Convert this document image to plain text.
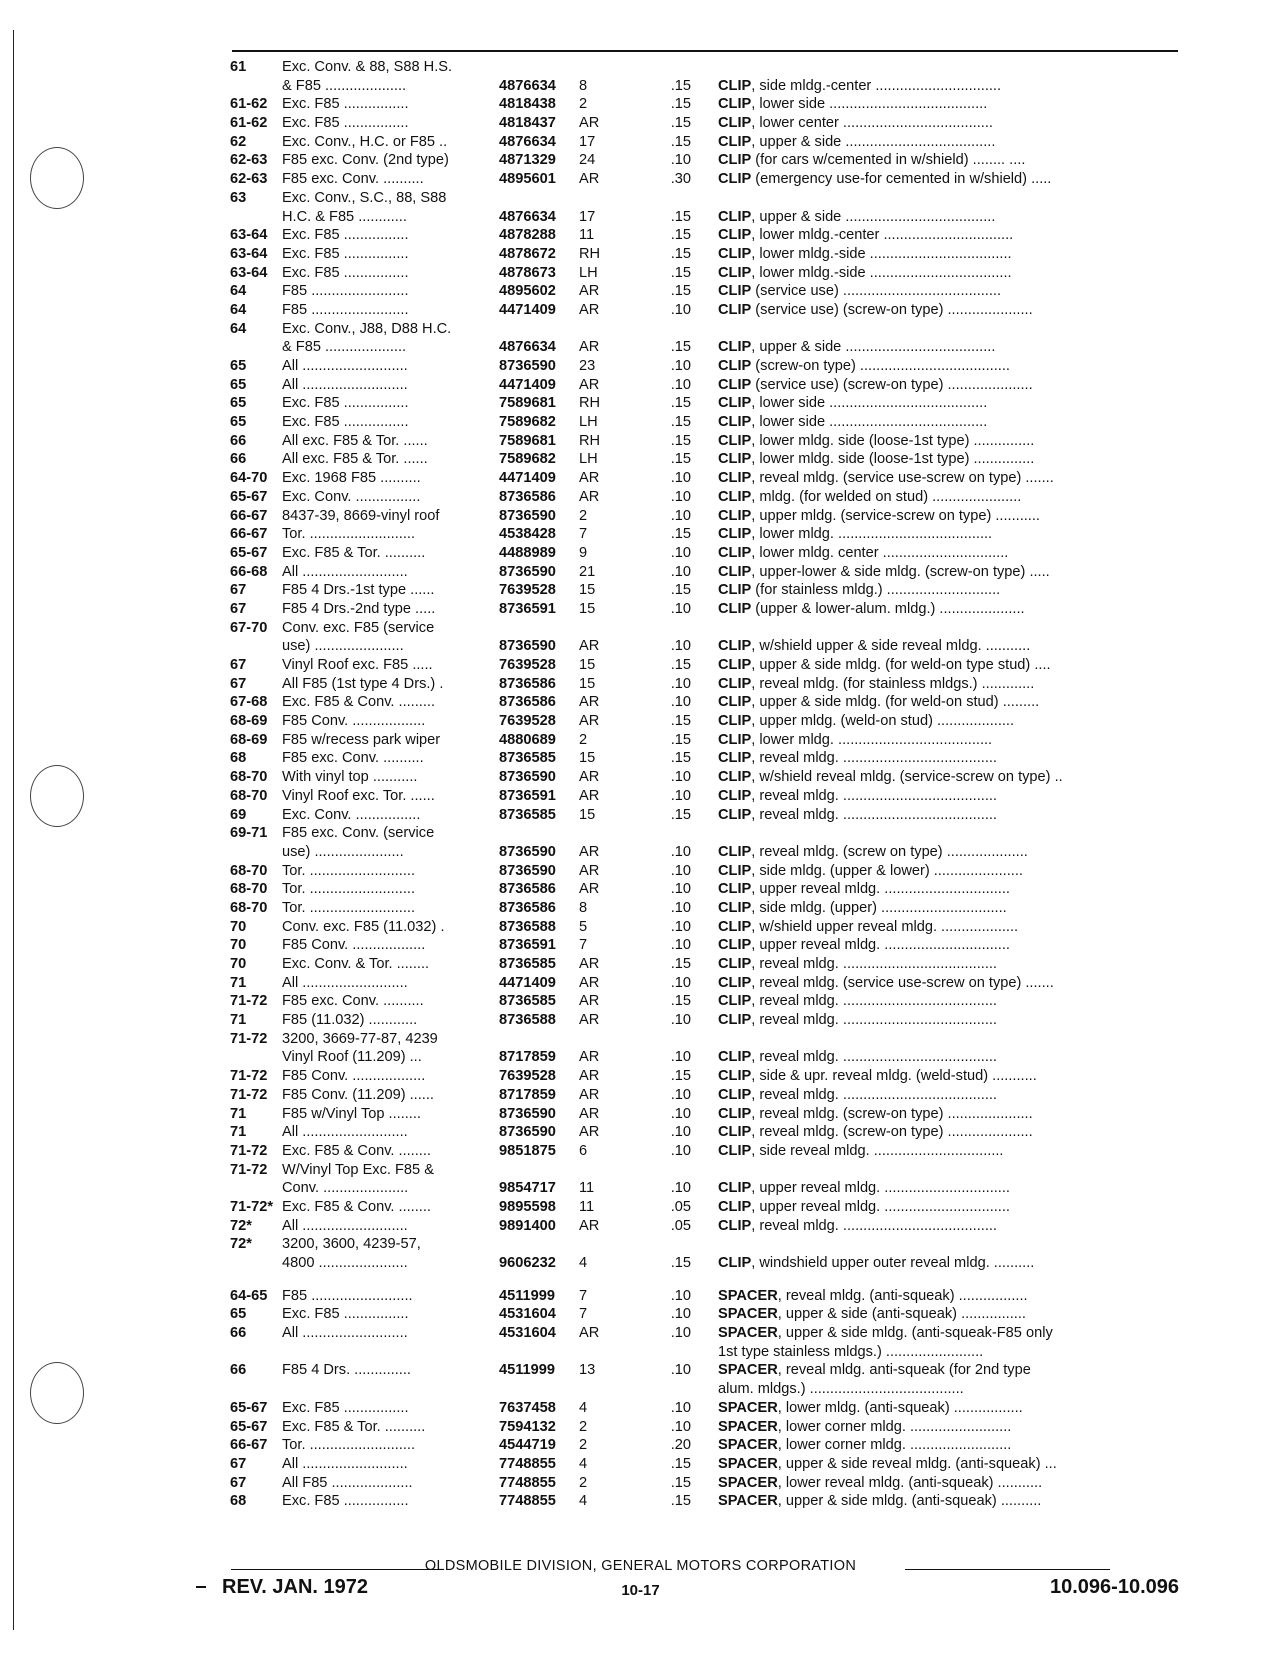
61	Exc. Conv. & 88, S88 H.S.
& F85 ....................	4876634	8	.15 CLIP, side mldg.-center ...............................
61-62	Exc. F85 ................	4818438	2	.15 CLIP, lower side .......................................
61-62	Exc. F85 ................	4818437	AR	.15 CLIP, lower center .....................................
62	Exc. Conv., H.C. or F85 ..	4876634	17	.15 CLIP, upper & side .....................................
62-63	F85 exc. Conv. (2nd type)	4871329	24	.10 CLIP (for cars w/cemented in w/shield) ........ ....
62-63	F85 exc. Conv. ..........	4895601	AR	.30 CLIP (emergency use-for cemented in w/shield) .....
63	Exc. Conv., S.C., 88, S88
H.C. & F85 ............	4876634	17	.15 CLIP, upper & side .....................................
63-64	Exc. F85 ................	4878288	11	.15 CLIP, lower mldg.-center ................................
63-64	Exc. F85 ................	4878672	RH	.15 CLIP, lower mldg.-side ...................................
63-64	Exc. F85 ................	4878673	LH	.15 CLIP, lower mldg.-side ...................................
64	F85 ........................	4895602	AR	.15 CLIP (service use) .......................................
64	F85 ........................	4471409	AR	.10 CLIP (service use) (screw-on type) .....................
64	Exc. Conv., J88, D88 H.C.
& F85 ....................	4876634	AR	.15 CLIP, upper & side .....................................
65	All ..........................	8736590	23	.10 CLIP (screw-on type) .....................................
65	All ..........................	4471409	AR	.10 CLIP (service use) (screw-on type) .....................
65	Exc. F85 ................	7589681	RH	.15 CLIP, lower side .......................................
65	Exc. F85 ................	7589682	LH	.15 CLIP, lower side .......................................
66	All exc. F85 & Tor. ......	7589681	RH	.15 CLIP, lower mldg. side (loose-1st type) ...............
66	All exc. F85 & Tor. ......	7589682	LH	.15 CLIP, lower mldg. side (loose-1st type) ...............
64-70	Exc. 1968 F85 ..........	4471409	AR	.10 CLIP, reveal mldg. (service use-screw on type) .......
65-67	Exc. Conv. ................	8736586	AR	.10 CLIP, mldg. (for welded on stud) ......................
66-67	8437-39, 8669-vinyl roof	8736590	2	.10 CLIP, upper mldg. (service-screw on type) ...........
66-67	Tor. ..........................	4538428	7	.15 CLIP, lower mldg. ......................................
65-67	Exc. F85 & Tor. ..........	4488989	9	.10 CLIP, lower mldg. center ...............................
66-68	All ..........................	8736590	21	.10 CLIP, upper-lower & side mldg. (screw-on type) .....
67	F85 4 Drs.-1st type ......	7639528	15	.15 CLIP (for stainless mldg.) ............................
67	F85 4 Drs.-2nd type .....	8736591	15	.10 CLIP (upper & lower-alum. mldg.) .....................
67-70	Conv. exc. F85 (service
use) ......................	8736590	AR	.10 CLIP, w/shield upper & side reveal mldg. ...........
67	Vinyl Roof exc. F85 .....	7639528	15	.15 CLIP, upper & side mldg. (for weld-on type stud) ....
67	All F85 (1st type 4 Drs.) .	8736586	15	.10 CLIP, reveal mldg. (for stainless mldgs.) .............
67-68	Exc. F85 & Conv. .........	8736586	AR	.10 CLIP, upper & side mldg. (for weld-on stud) .........
68-69	F85 Conv. ..................	7639528	AR	.15 CLIP, upper mldg. (weld-on stud) ...................
68-69	F85 w/recess park wiper	4880689	2	.15 CLIP, lower mldg. ......................................
68	F85 exc. Conv. ..........	8736585	15	.15 CLIP, reveal mldg. ......................................
68-70	With vinyl top ...........	8736590	AR	.10 CLIP, w/shield reveal mldg. (service-screw on type) ..
68-70	Vinyl Roof exc. Tor. ......	8736591	AR	.10 CLIP, reveal mldg. ......................................
69	Exc. Conv. ................	8736585	15	.15 CLIP, reveal mldg. ......................................
69-71	F85 exc. Conv. (service
use) ......................	8736590	AR	.10 CLIP, reveal mldg. (screw on type) ....................
68-70	Tor. ..........................	8736590	AR	.10 CLIP, side mldg. (upper & lower) ......................
68-70	Tor. ..........................	8736586	AR	.10 CLIP, upper reveal mldg. ...............................
68-70	Tor. ..........................	8736586	8	.10 CLIP, side mldg. (upper) ...............................
70	Conv. exc. F85 (11.032) .	8736588	5	.10 CLIP, w/shield upper reveal mldg. ...................
70	F85 Conv. ..................	8736591	7	.10 CLIP, upper reveal mldg. ...............................
70	Exc. Conv. & Tor. ........	8736585	AR	.15 CLIP, reveal mldg. ......................................
71	All ..........................	4471409	AR	.10 CLIP, reveal mldg. (service use-screw on type) .......
71-72	F85 exc. Conv. ..........	8736585	AR	.15 CLIP, reveal mldg. ......................................
71	F85 (11.032) ............	8736588	AR	.10 CLIP, reveal mldg. ......................................
71-72	3200, 3669-77-87, 4239
Vinyl Roof (11.209) ...	8717859	AR	.10 CLIP, reveal mldg. ......................................
71-72	F85 Conv. ..................	7639528	AR	.15 CLIP, side & upr. reveal mldg. (weld-stud) ...........
71-72	F85 Conv. (11.209) ......	8717859	AR	.10 CLIP, reveal mldg. ......................................
71	F85 w/Vinyl Top ........	8736590	AR	.10 CLIP, reveal mldg. (screw-on type) .....................
71	All ..........................	8736590	AR	.10 CLIP, reveal mldg. (screw-on type) .....................
71-72	Exc. F85 & Conv. ........	9851875	6	.10 CLIP, side reveal mldg. ................................
71-72	W/Vinyl Top Exc. F85 &
Conv. .....................	9854717	11	.10 CLIP, upper reveal mldg. ...............................
71-72* Exc. F85 & Conv. ........	9895598	11	.05 CLIP, upper reveal mldg. ...............................
72*	All ..........................	9891400	AR	.05 CLIP, reveal mldg. ......................................
72*	3200, 3600, 4239-57,
4800 ......................	9606232	4	.15 CLIP, windshield upper outer reveal mldg. ..........
64-65	F85 .........................	4511999	7	.10 SPACER, reveal mldg. (anti-squeak) .................
65	Exc. F85 ................	4531604	7	.10 SPACER, upper & side (anti-squeak) ................
66	All ..........................	4531604	AR	.10 SPACER, upper & side mldg. (anti-squeak-F85 only
1st type stainless mldgs.) ........................
66	F85 4 Drs. ..............	4511999	13	.10 SPACER, reveal mldg. anti-squeak (for 2nd type
alum. mldgs.) ......................................
65-67	Exc. F85 ................	7637458	4	.10 SPACER, lower mldg. (anti-squeak) .................
65-67	Exc. F85 & Tor. ..........	7594132	2	.10 SPACER, lower corner mldg. .........................
66-67	Tor. ..........................	4544719	2	.20 SPACER, lower corner mldg. .........................
67	All ..........................	7748855	4	.15 SPACER, upper & side reveal mldg. (anti-squeak) ...
67	All F85 ....................	7748855	2	.15 SPACER, lower reveal mldg. (anti-squeak) ...........
68	Exc. F85 ................	7748855	4	.15 SPACER, upper & side mldg. (anti-squeak) ..........
OLDSMOBILE DIVISION, GENERAL MOTORS CORPORATION
REV. JAN. 1972	10-17	10.096-10.096
